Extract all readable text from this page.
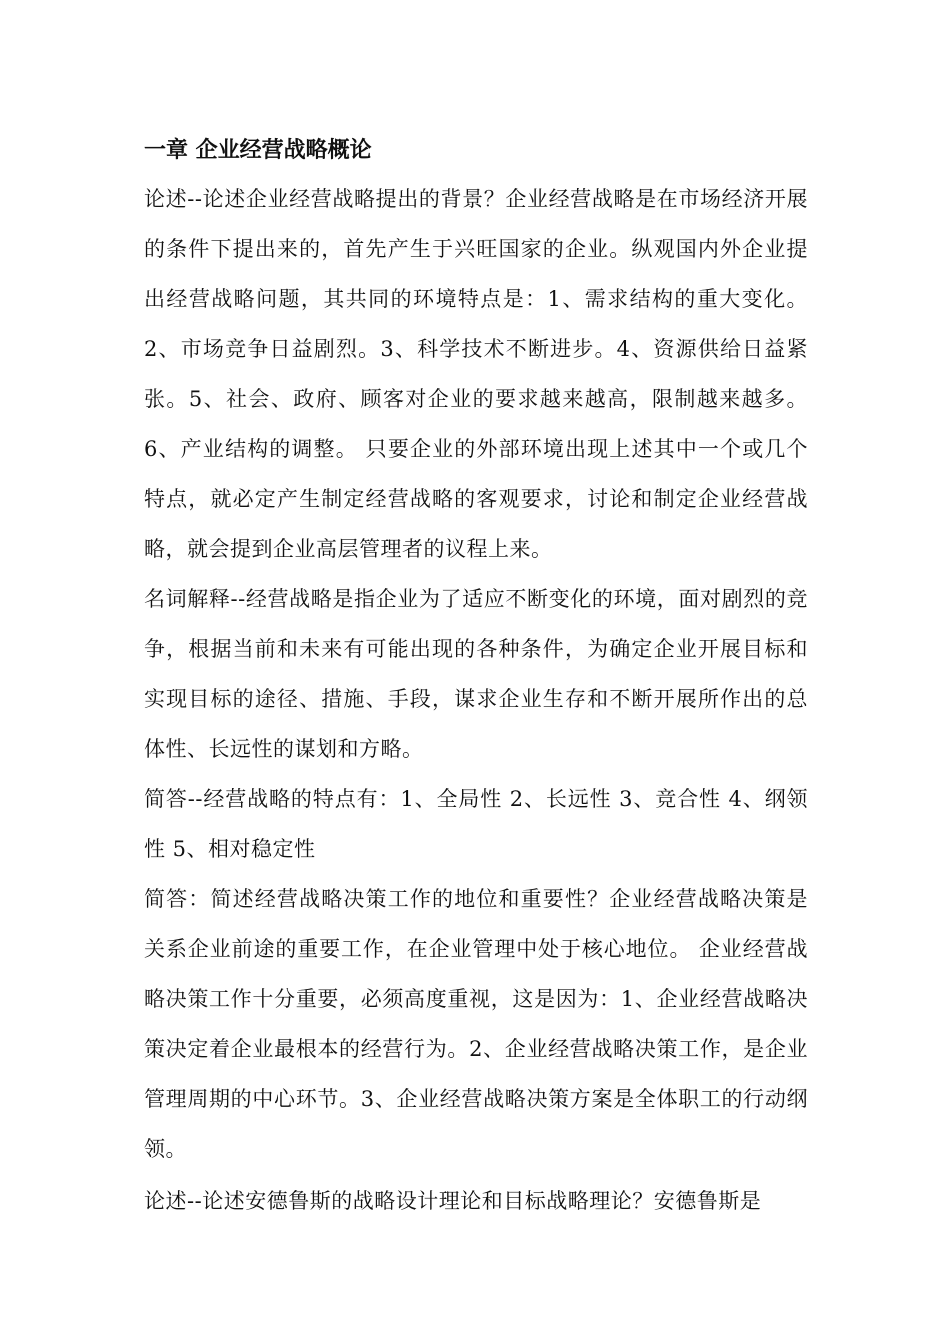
一章 企业经营战略概论

论述--论述企业经营战略提出的背景？企业经营战略是在市场经济开展的条件下提出来的，首先产生于兴旺国家的企业。纵观国内外企业提出经营战略问题，其共同的环境特点是：1、需求结构的重大变化。2、市场竞争日益剧烈。3、科学技术不断进步。4、资源供给日益紧张。5、社会、政府、顾客对企业的要求越来越高，限制越来越多。6、产业结构的调整。 只要企业的外部环境出现上述其中一个或几个特点，就必定产生制定经营战略的客观要求，讨论和制定企业经营战略，就会提到企业高层管理者的议程上来。

名词解释--经营战略是指企业为了适应不断变化的环境，面对剧烈的竞争，根据当前和未来有可能出现的各种条件，为确定企业开展目标和实现目标的途径、措施、手段，谋求企业生存和不断开展所作出的总体性、长远性的谋划和方略。

简答--经营战略的特点有：1、全局性 2、长远性 3、竞合性 4、纲领性 5、相对稳定性

简答：简述经营战略决策工作的地位和重要性？企业经营战略决策是关系企业前途的重要工作，在企业管理中处于核心地位。 企业经营战略决策工作十分重要，必须高度重视，这是因为：1、企业经营战略决策决定着企业最根本的经营行为。2、企业经营战略决策工作，是企业管理周期的中心环节。3、企业经营战略决策方案是全体职工的行动纲领。

论述--论述安德鲁斯的战略设计理论和目标战略理论？安德鲁斯是
